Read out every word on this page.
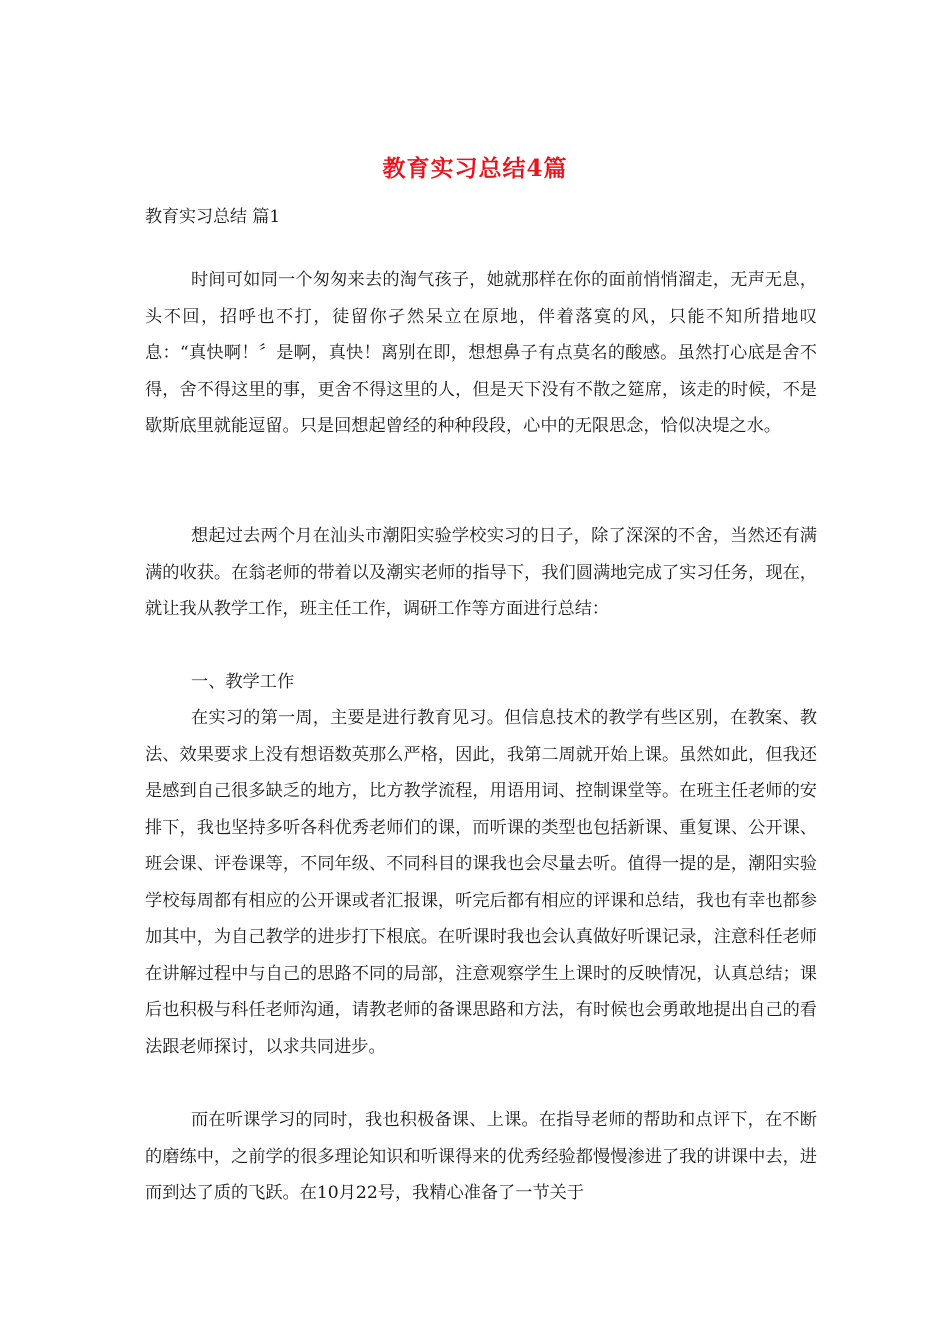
教育实习总结4篇

教育实习总结 篇1

时间可如同一个匆匆来去的淘气孩子，她就那样在你的面前悄悄溜走，无声无息，头不回，招呼也不打，徒留你孑然呆立在原地，伴着落寞的风，只能不知所措地叹息：“真快啊！〞是啊，真快！离别在即，想想鼻子有点莫名的酸感。虽然打心底是舍不得，舍不得这里的事，更舍不得这里的人，但是天下没有不散之筵席，该走的时候，不是歇斯底里就能逗留。只是回想起曾经的种种段段，心中的无限思念，恰似决堤之水。

想起过去两个月在汕头市潮阳实验学校实习的日子，除了深深的不舍，当然还有满满的收获。在翁老师的带着以及潮实老师的指导下，我们圆满地完成了实习任务，现在，就让我从教学工作，班主任工作，调研工作等方面进行总结：

一、教学工作

在实习的第一周，主要是进行教育见习。但信息技术的教学有些区别，在教案、教法、效果要求上没有想语数英那么严格，因此，我第二周就开始上课。虽然如此，但我还是感到自己很多缺乏的地方，比方教学流程，用语用词、控制课堂等。在班主任老师的安排下，我也坚持多听各科优秀老师们的课，而听课的类型也包括新课、重复课、公开课、班会课、评卷课等，不同年级、不同科目的课我也会尽量去听。值得一提的是，潮阳实验学校每周都有相应的公开课或者汇报课，听完后都有相应的评课和总结，我也有幸也都参加其中，为自己教学的进步打下根底。在听课时我也会认真做好听课记录，注意科任老师在讲解过程中与自己的思路不同的局部，注意观察学生上课时的反映情况，认真总结；课后也积极与科任老师沟通，请教老师的备课思路和方法，有时候也会勇敢地提出自己的看法跟老师探讨，以求共同进步。

而在听课学习的同时，我也积极备课、上课。在指导老师的帮助和点评下，在不断的磨练中，之前学的很多理论知识和听课得来的优秀经验都慢慢渗进了我的讲课中去，进而到达了质的飞跃。在10月22号，我精心准备了一节关于
